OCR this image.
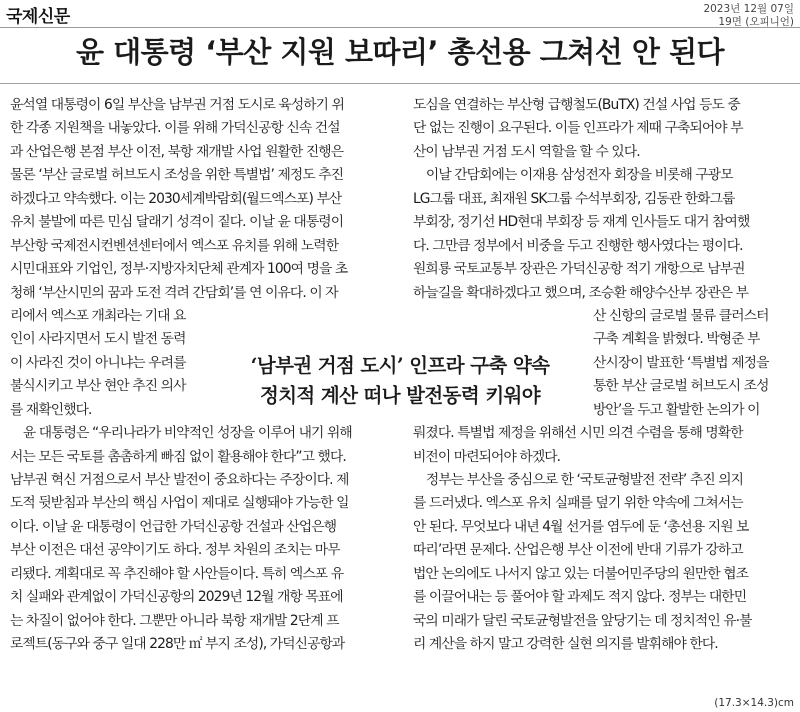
국제신문	2023년 12월 07일
19면 (오피니언)
윤 대통령 ‘부산 지원 보따리’ 총선용 그쳐선 안 된다
윤석열 대통령이 6일 부산을 남부권 거점 도시로 육성하기 위
한 각종 지원책을 내놓았다. 이를 위해 가덕신공항 신속 건설
과 산업은행 본점 부산 이전, 북항 재개발 사업 원활한 진행은
물론 ‘부산 글로벌 허브도시 조성을 위한 특별법’ 제정도 추진
하겠다고 약속했다. 이는 2030세계박람회(월드엑스포) 부산
유치 불발에 따른 민심 달래기 성격이 짙다. 이날 윤 대통령이
부산항 국제전시컨벤션센터에서 엑스포 유치를 위해 노력한
시민대표와 기업인, 정부·지방자치단체 관계자 100여 명을 초
청해 ‘부산시민의 꿈과 도전 격려 간담회’를 연 이유다. 이 자
리에서 엑스포 개최라는 기대 요
인이 사라지면서 도시 발전 동력
이 사라진 것이 아니냐는 우려를
불식시키고 부산 현안 추진 의사
를 재확인했다.
　윤 대통령은 “우리나라가 비약적인 성장을 이루어 내기 위해
서는 모든 국토를 촘촘하게 빠짐 없이 활용해야 한다”고 했다.
남부권 혁신 거점으로서 부산 발전이 중요하다는 주장이다. 제
도적 뒷받침과 부산의 핵심 사업이 제대로 실행돼야 가능한 일
이다. 이날 윤 대통령이 언급한 가덕신공항 건설과 산업은행
부산 이전은 대선 공약이기도 하다. 정부 차원의 조치는 마무
리됐다. 계획대로 꼭 추진해야 할 사안들이다. 특히 엑스포 유
치 실패와 관계없이 가덕신공항의 2029년 12월 개항 목표에
는 차질이 없어야 한다. 그뿐만 아니라 북항 재개발 2단계 프
로젝트(동구와 중구 일대 228만 ㎡ 부지 조성), 가덕신공항과
도심을 연결하는 부산형 급행철도(BuTX) 건설 사업 등도 중
단 없는 진행이 요구된다. 이들 인프라가 제때 구축되어야 부
산이 남부권 거점 도시 역할을 할 수 있다.
　이날 간담회에는 이재용 삼성전자 회장을 비롯해 구광모
LG그룹 대표, 최재원 SK그룹 수석부회장, 김동관 한화그룹
부회장, 정기선 HD현대 부회장 등 재계 인사들도 대거 참여했
다. 그만큼 정부에서 비중을 두고 진행한 행사였다는 평이다.
원희룡 국토교통부 장관은 가덕신공항 적기 개항으로 남부권
하늘길을 확대하겠다고 했으며, 조승환 해양수산부 장관은 부
산 신항의 글로벌 물류 클러스터
구축 계획을 밝혔다. 박형준 부
산시장이 발표한 ‘특별법 제정을
통한 부산 글로벌 허브도시 조성
방안’을 두고 활발한 논의가 이
뤄졌다. 특별법 제정을 위해선 시민 의견 수렴을 통해 명확한
비전이 마련되어야 하겠다.
　정부는 부산을 중심으로 한 ‘국토균형발전 전략’ 추진 의지
를 드러냈다. 엑스포 유치 실패를 덮기 위한 약속에 그쳐서는
안 된다. 무엇보다 내년 4월 선거를 염두에 둔 ‘총선용 지원 보
따리’라면 문제다. 산업은행 부산 이전에 반대 기류가 강하고
법안 논의에도 나서지 않고 있는 더불어민주당의 원만한 협조
를 이끌어내는 등 풀어야 할 과제도 적지 않다. 정부는 대한민
국의 미래가 달린 국토균형발전을 앞당기는 데 정치적인 유·불
리 계산을 하지 말고 강력한 실현 의지를 발휘해야 한다.
‘남부권 거점 도시’ 인프라 구축 약속
정치적 계산 떠나 발전동력 키워야
(17.3×14.3)cm
